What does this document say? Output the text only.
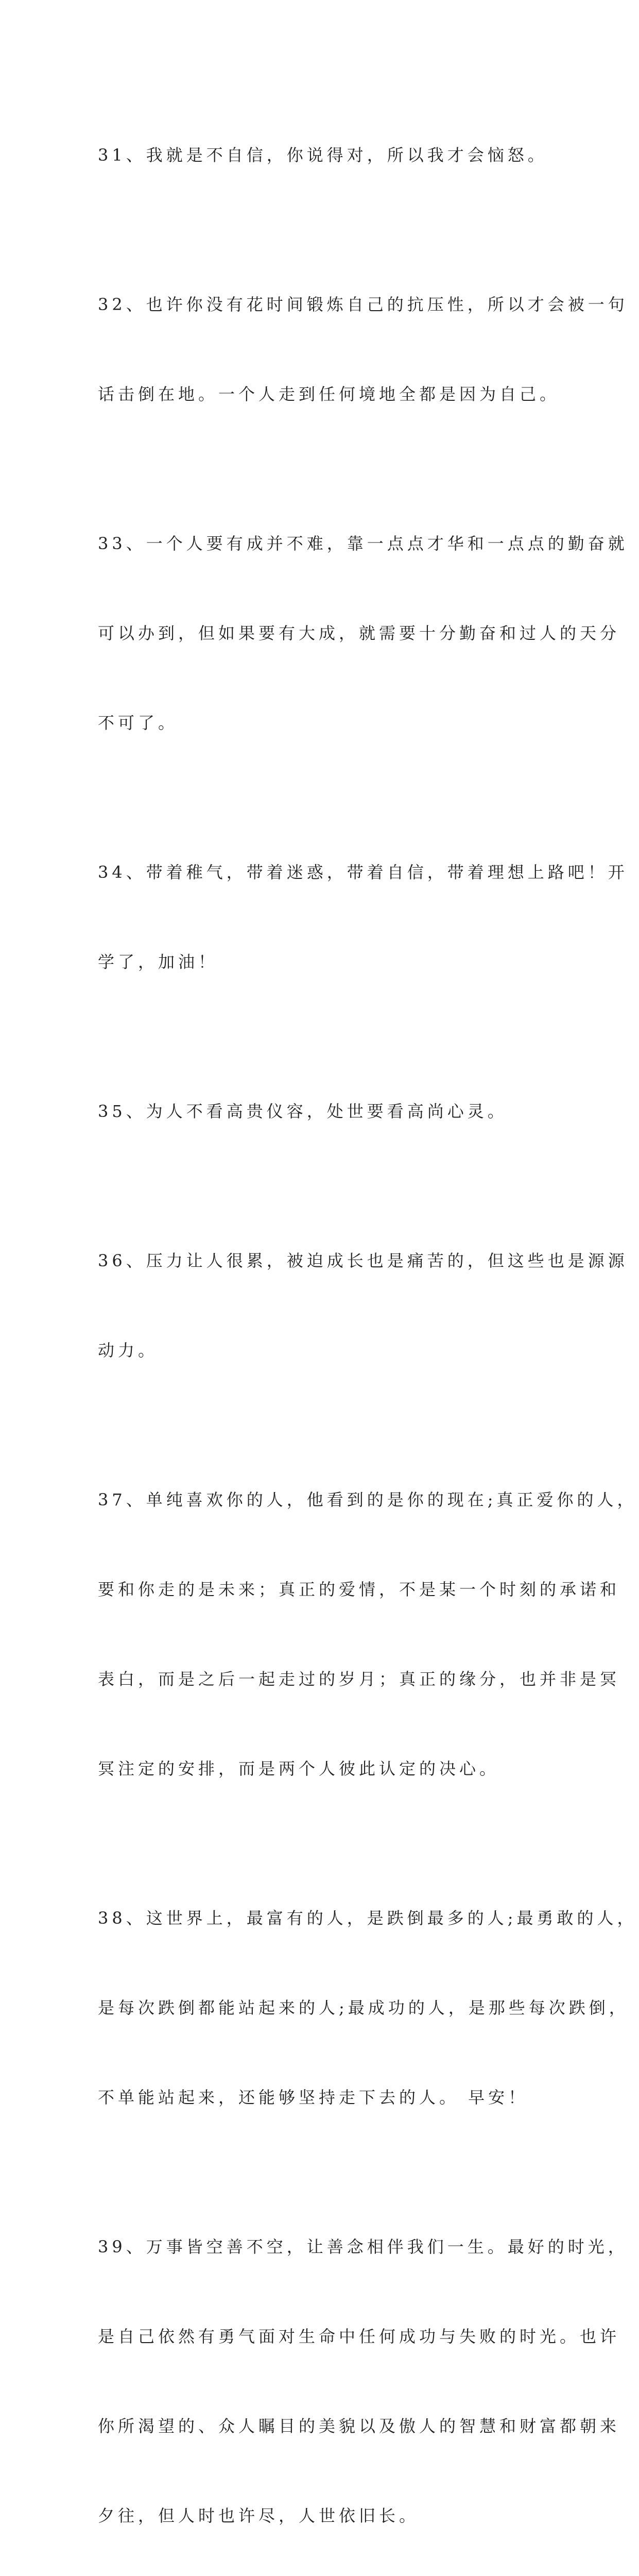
31、我就是不自信，你说得对，所以我才会恼怒。

32、也许你没有花时间锻炼自己的抗压性，所以才会被一句

话击倒在地。一个人走到任何境地全都是因为自己。

33、一个人要有成并不难，靠一点点才华和一点点的勤奋就

可以办到，但如果要有大成，就需要十分勤奋和过人的天分

不可了。

34、带着稚气，带着迷惑，带着自信，带着理想上路吧！开

学了，加油！

35、为人不看高贵仪容，处世要看高尚心灵。

36、压力让人很累，被迫成长也是痛苦的，但这些也是源源

动力。

37、单纯喜欢你的人，他看到的是你的现在;真正爱你的人，

要和你走的是未来；真正的爱情，不是某一个时刻的承诺和

表白，而是之后一起走过的岁月；真正的缘分，也并非是冥

冥注定的安排，而是两个人彼此认定的决心。

38、这世界上，最富有的人，是跌倒最多的人;最勇敢的人，

是每次跌倒都能站起来的人;最成功的人，是那些每次跌倒，

不单能站起来，还能够坚持走下去的人。 早安！

39、万事皆空善不空，让善念相伴我们一生。最好的时光，

是自己依然有勇气面对生命中任何成功与失败的时光。也许

你所渴望的、众人瞩目的美貌以及傲人的智慧和财富都朝来

夕往，但人时也许尽，人世依旧长。
